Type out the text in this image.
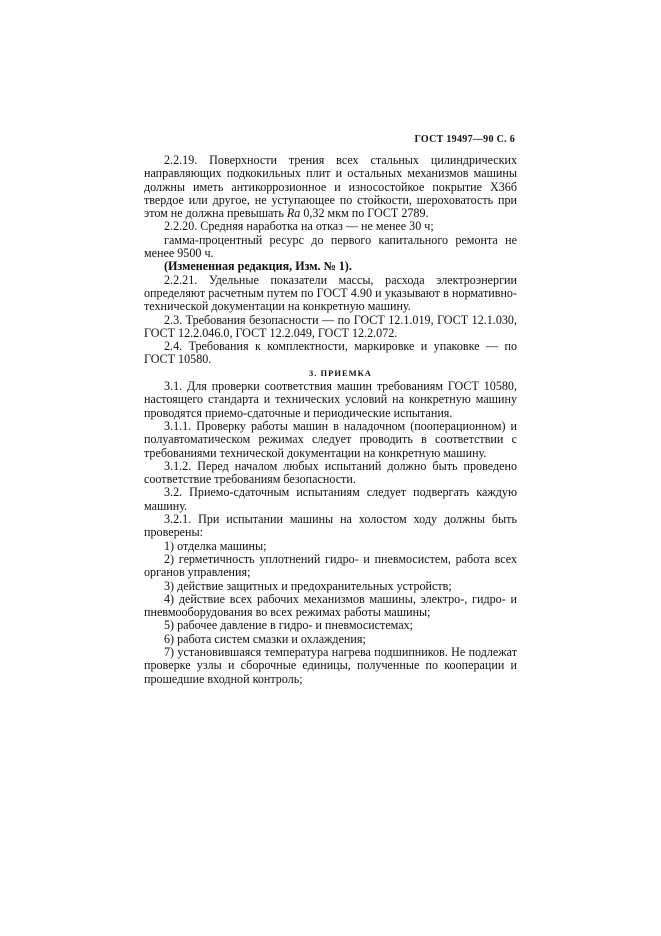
ГОСТ 19497—90 С. 6

2.2.19. Поверхности трения всех стальных цилиндрических направляющих подкокильных плит и остальных механизмов машины должны иметь антикоррозионное и износостойкое покрытие Х36б твердое или другое, не уступающее по стойкости, шероховатость при этом не должна превышать Ra 0,32 мкм по ГОСТ 2789.

2.2.20. Средняя наработка на отказ — не менее 30 ч;

гамма-процентный ресурс до первого капитального ремонта не менее 9500 ч.

(Измененная редакция, Изм. № 1).

2.2.21. Удельные показатели массы, расхода электроэнергии определяют расчетным путем по ГОСТ 4.90 и указывают в нормативно-технической документации на конкретную машину.

2.3. Требования безопасности — по ГОСТ 12.1.019, ГОСТ 12.1.030, ГОСТ 12.2.046.0, ГОСТ 12.2.049, ГОСТ 12.2.072.

2.4. Требования к комплектности, маркировке и упаковке — по ГОСТ 10580.

3. ПРИЕМКА

3.1. Для проверки соответствия машин требованиям ГОСТ 10580, настоящего стандарта и технических условий на конкретную машину проводятся приемо-сдаточные и периодические испытания.

3.1.1. Проверку работы машин в наладочном (пооперационном) и полуавтоматическом режимах следует проводить в соответствии с требованиями технической документации на конкретную машину.

3.1.2. Перед началом любых испытаний должно быть проведено соответствие требованиям безопасности.

3.2. Приемо-сдаточным испытаниям следует подвергать каждую машину.

3.2.1. При испытании машины на холостом ходу должны быть проверены:

1) отделка машины;

2) герметичность уплотнений гидро- и пневмосистем, работа всех органов управления;

3) действие защитных и предохранительных устройств;

4) действие всех рабочих механизмов машины, электро-, гидро- и пневмооборудования во всех режимах работы машины;

5) рабочее давление в гидро- и пневмосистемах;

6) работа систем смазки и охлаждения;

7) установившаяся температура нагрева подшипников. Не подлежат проверке узлы и сборочные единицы, полученные по кооперации и прошедшие входной контроль;
